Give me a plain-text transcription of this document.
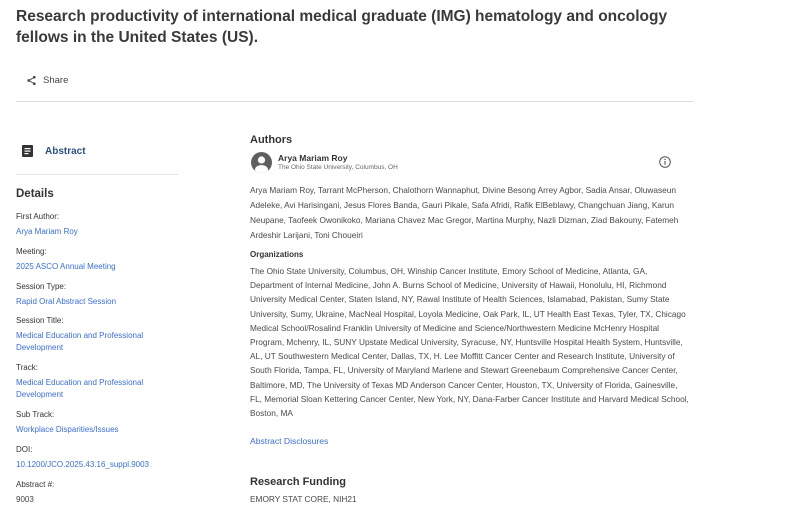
Research productivity of international medical graduate (IMG) hematology and oncology fellows in the United States (US).
Share
Abstract
Details
First Author:
Arya Mariam Roy
Meeting:
2025 ASCO Annual Meeting
Session Type:
Rapid Oral Abstract Session
Session Title:
Medical Education and Professional Development
Track:
Medical Education and Professional Development
Sub Track:
Workplace Disparities/Issues
DOI:
10.1200/JCO.2025.43.16_suppl.9003
Abstract #:
9003
Authors
Arya Mariam Roy
The Ohio State University, Columbus, OH
Arya Mariam Roy, Tarrant McPherson, Chalothorn Wannaphut, Divine Besong Arrey Agbor, Sadia Ansar, Oluwaseun Adeleke, Avi Harisingani, Jesus Flores Banda, Gauri Pikale, Safa Afridi, Rafik ElBeblawy, Changchuan Jiang, Karun Neupane, Taofeek Owonikoko, Mariana Chavez Mac Gregor, Martina Murphy, Nazli Dizman, Ziad Bakouny, Fatemeh Ardeshir Larijani, Toni Choueiri
Organizations
The Ohio State University, Columbus, OH, Winship Cancer Institute, Emory School of Medicine, Atlanta, GA, Department of Internal Medicine, John A. Burns School of Medicine, University of Hawaii, Honolulu, HI, Richmond University Medical Center, Staten Island, NY, Rawal Institute of Health Sciences, Islamabad, Pakistan, Sumy State University, Sumy, Ukraine, MacNeal Hospital, Loyola Medicine, Oak Park, IL, UT Health East Texas, Tyler, TX, Chicago Medical School/Rosalind Franklin University of Medicine and Science/Northwestern Medicine McHenry Hospital Program, Mchenry, IL, SUNY Upstate Medical University, Syracuse, NY, Huntsville Hospital Health System, Huntsville, AL, UT Southwestern Medical Center, Dallas, TX, H. Lee Moffitt Cancer Center and Research Institute, University of South Florida, Tampa, FL, University of Maryland Marlene and Stewart Greenebaum Comprehensive Cancer Center, Baltimore, MD, The University of Texas MD Anderson Cancer Center, Houston, TX, University of Florida, Gainesville, FL, Memorial Sloan Kettering Cancer Center, New York, NY, Dana-Farber Cancer Institute and Harvard Medical School, Boston, MA
Abstract Disclosures
Research Funding
EMORY STAT CORE, NIH21
